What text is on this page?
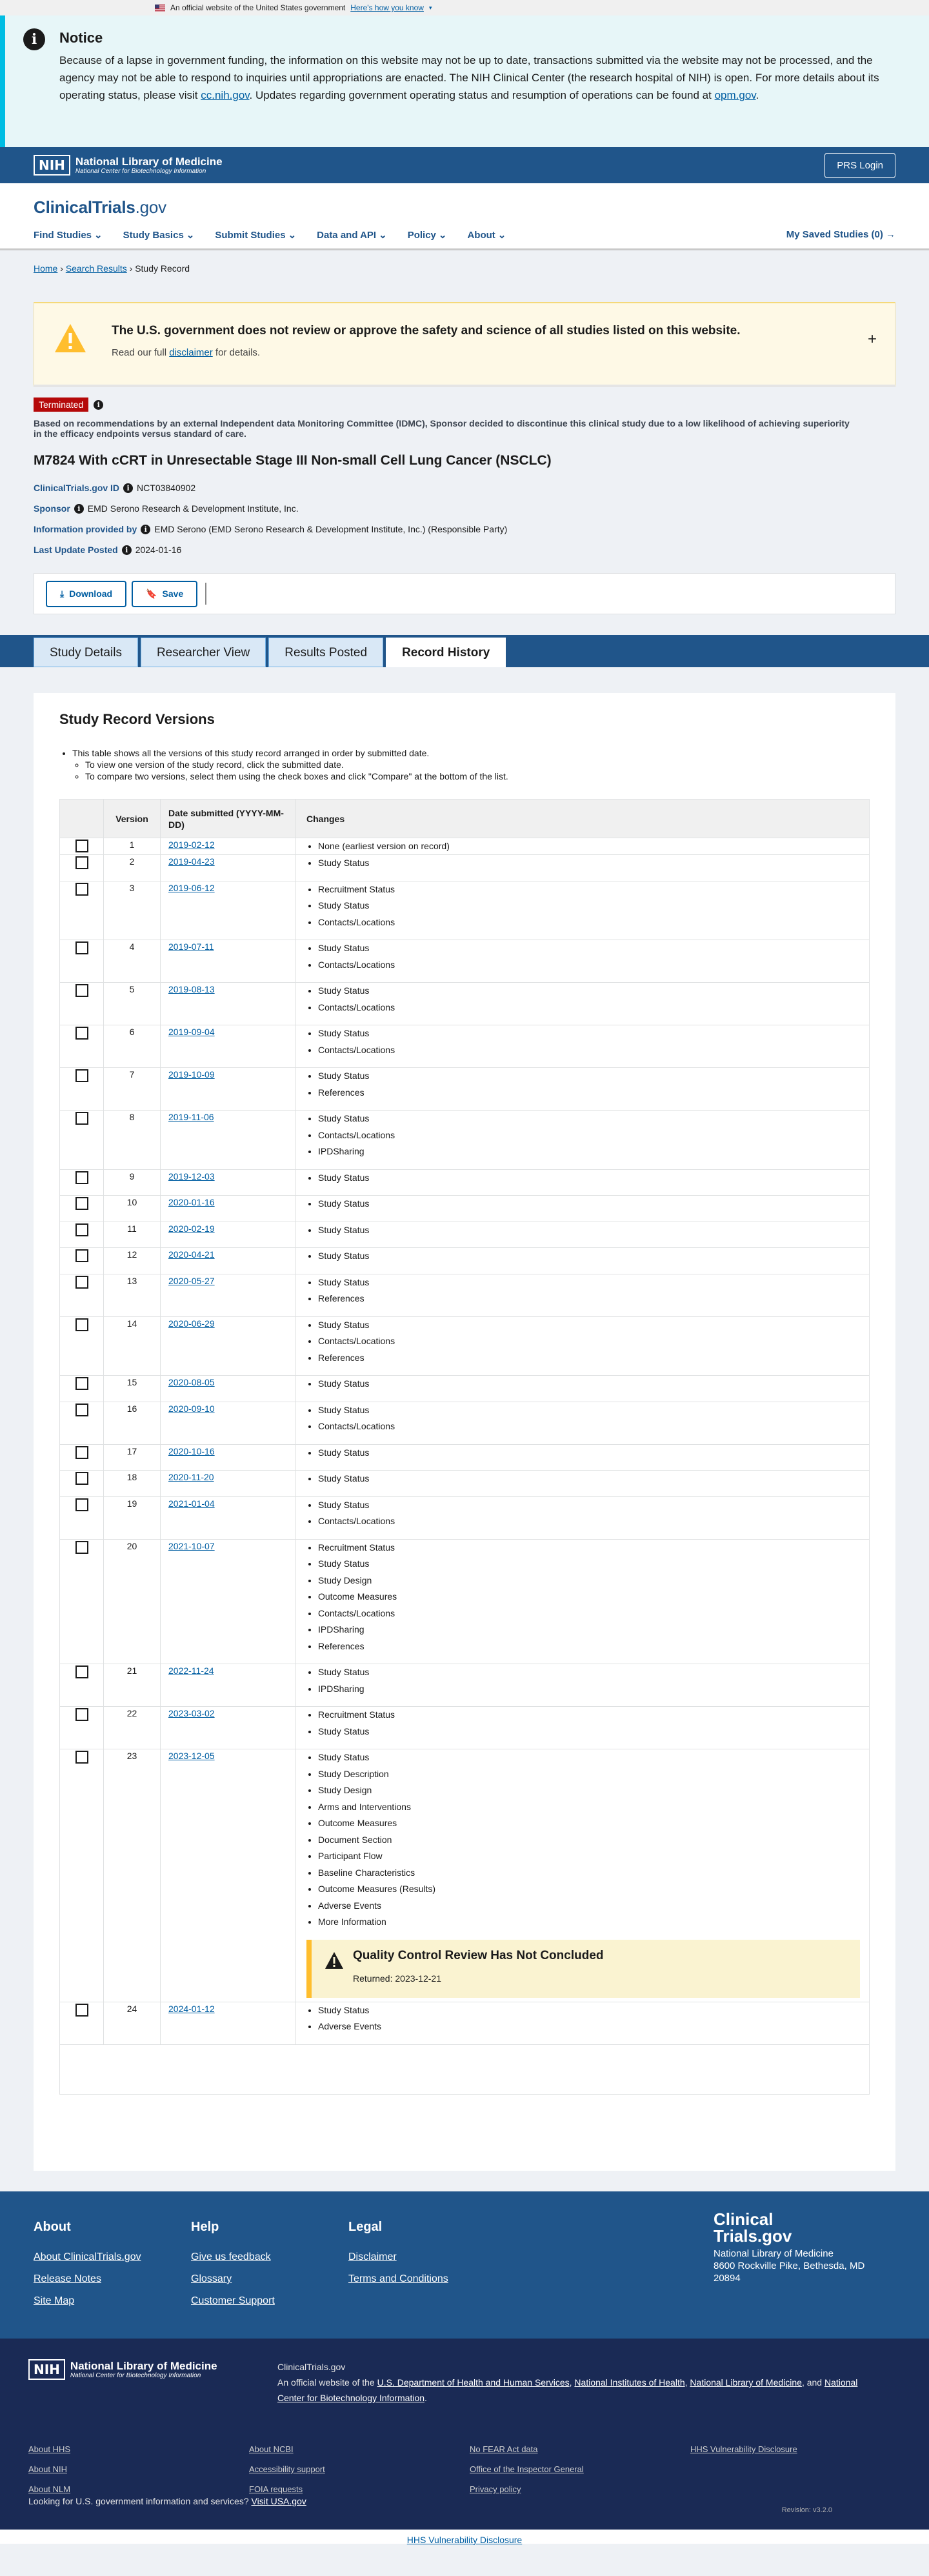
An official website of the United States government Here's how you know ▾
i	Notice

Because of a lapse in government funding, the information on this website may not be up to date, transactions submitted via the website may not be processed, and the agency may not be able to respond to inquiries until appropriations are enacted. The NIH Clinical Center (the research hospital of NIH) is open. For more details about its operating status, please visit cc.nih.gov. Updates regarding government operating status and resumption of operations can be found at opm.gov.

NIH National Library of Medicine
National Center for Biotechnology Information
PRS Login
ClinicalTrials.gov
Find Studies ⌄ Study Basics ⌄ Submit Studies ⌄ Data and API ⌄ Policy ⌄ About ⌄	My Saved Studies (0) →
Home › Search Results › Study Record
The U.S. government does not review or approve the safety and science of all studies listed on this website.

Read our full disclaimer for details.

+
Terminated	i
Based on recommendations by an external Independent data Monitoring Committee (IDMC), Sponsor decided to discontinue this clinical study due to a low likelihood of achieving superiority in the efficacy endpoints versus standard of care.
M7824 With cCRT in Unresectable Stage III Non-small Cell Lung Cancer (NSCLC)
ClinicalTrials.gov ID	i NCT03840902
Sponsor	i EMD Serono Research & Development Institute, Inc.
Information provided by	i EMD Serono (EMD Serono Research & Development Institute, Inc.) (Responsible Party)
Last Update Posted	i 2024-01-16
⤓ Download	🔖 Save
Study Details	Researcher View	Results Posted	Record History
Study Record Versions
• This table shows all the versions of this study record arranged in order by submitted date.
◦ To view one version of the study record, click the submitted date.
◦ To compare two versions, select them using the check boxes and click "Compare" at the bottom of the list.
Version
Date submitted (YYYY-MM-DD)
Changes
1	2019-02-12	• None (earliest version on record)
2	2019-04-23	• Study Status
3	2019-06-12	• Recruitment Status
• Study Status
• Contacts/Locations
4	2019-07-11	• Study Status
• Contacts/Locations
5	2019-08-13	• Study Status
• Contacts/Locations
6	2019-09-04	• Study Status
• Contacts/Locations
7	2019-10-09	• Study Status
• References
8	2019-11-06	• Study Status
• Contacts/Locations
• IPDSharing
9	2019-12-03	• Study Status
10	2020-01-16	• Study Status
11	2020-02-19	• Study Status
12	2020-04-21	• Study Status
13	2020-05-27	• Study Status
• References
14	2020-06-29	• Study Status
• Contacts/Locations
• References
15	2020-08-05	• Study Status
16	2020-09-10	• Study Status
• Contacts/Locations
17	2020-10-16	• Study Status
18	2020-11-20	• Study Status
19	2021-01-04	• Study Status
• Contacts/Locations
20	2021-10-07	• Recruitment Status
• Study Status
• Study Design
• Outcome Measures
• Contacts/Locations
• IPDSharing
• References
21	2022-11-24	• Study Status
• IPDSharing
22	2023-03-02	• Recruitment Status
• Study Status
23	2023-12-05	• Study Status
• Study Description
• Study Design
• Arms and Interventions
• Outcome Measures
• Document Section
• Participant Flow
• Baseline Characteristics
• Outcome Measures (Results)
• Adverse Events
• More Information
Quality Control Review Has Not Concluded

Returned: 2023-12-21

24	2024-01-12	• Study Status
• Adverse Events
About
About ClinicalTrials.gov
Release Notes
Site Map
Help
Give us feedback
Glossary
Customer Support
Legal
Disclaimer
Terms and Conditions
Clinical
Trials.gov

National Library of Medicine

8600 Rockville Pike, Bethesda, MD

20894

NIH National Library of Medicine
National Center for Biotechnology Information
ClinicalTrials.gov
An official website of the U.S. Department of Health and Human Services, National Institutes of Health, National Library of Medicine, and National Center for Biotechnology Information.
About HHS
About NIH
About NLM
About NCBI
Accessibility support
FOIA requests
No FEAR Act data
Office of the Inspector General
Privacy policy
HHS Vulnerability Disclosure
Looking for U.S. government information and services? Visit USA.gov
Revision: v3.2.0
HHS Vulnerability Disclosure
